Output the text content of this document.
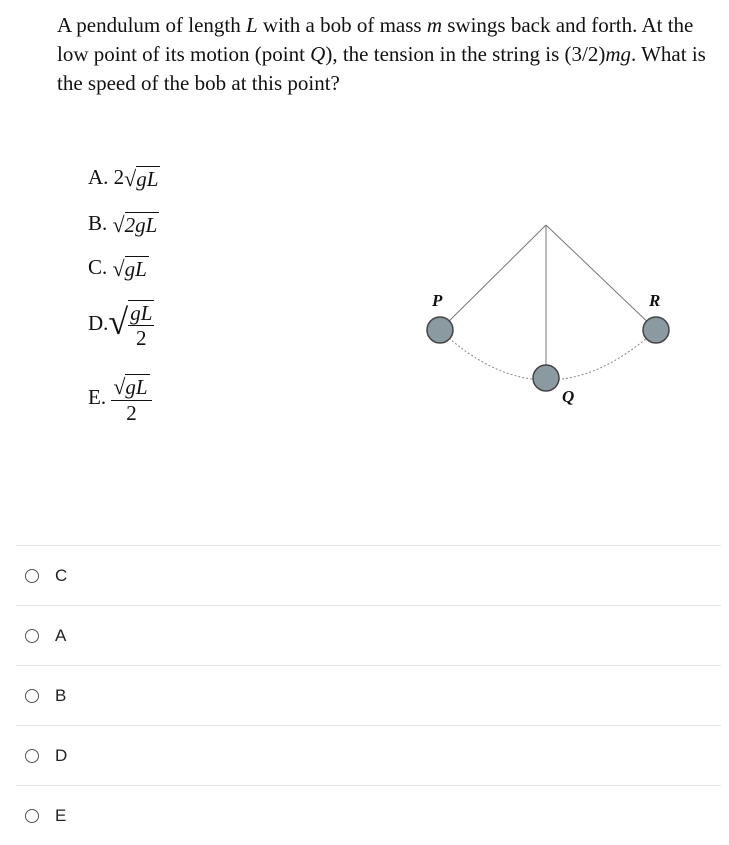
A pendulum of length L with a bob of mass m swings back and forth. At the low point of its motion (point Q), the tension in the string is (3/2)mg. What is the speed of the bob at this point?
A. 2 √ gL
B. √ 2gL
C. √ gL
D. √ $\frac{gL}{2}$
E. $\frac{√ gL}{2}$
P
Q
R
C
A
B
D
E
